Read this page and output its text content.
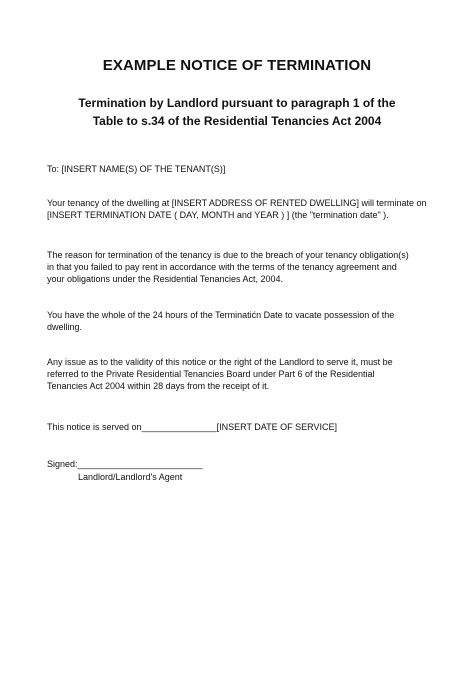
EXAMPLE NOTICE OF TERMINATION
Termination by Landlord pursuant to paragraph 1 of the
Table to s.34 of the Residential Tenancies Act 2004
To: [INSERT NAME(S) OF THE TENANT(S)]
Your tenancy of the dwelling at [INSERT ADDRESS OF RENTED DWELLING] will terminate on
[INSERT TERMINATION DATE ( DAY, MONTH and YEAR ) ] (the "termination date" ).
The reason for termination of the tenancy is due to the breach of your tenancy obligation(s)
in that you failed to pay rent in accordance with the terms of the tenancy agreement and
your obligations under the Residential Tenancies Act, 2004.
You have the whole of the 24 hours of the Terminatićn Date to vacate possession of the
dwelling.
Any issue as to the validity of this notice or the right of the Landlord to serve it, must be
referred to the Private Residential Tenancies Board under Part 6 of the Residential
Tenancies Act 2004 within 28 days from the receipt of it.
This notice is served on_______________[INSERT DATE OF SERVICE]
Signed:_________________________
Landlord/Landlord's Agent
